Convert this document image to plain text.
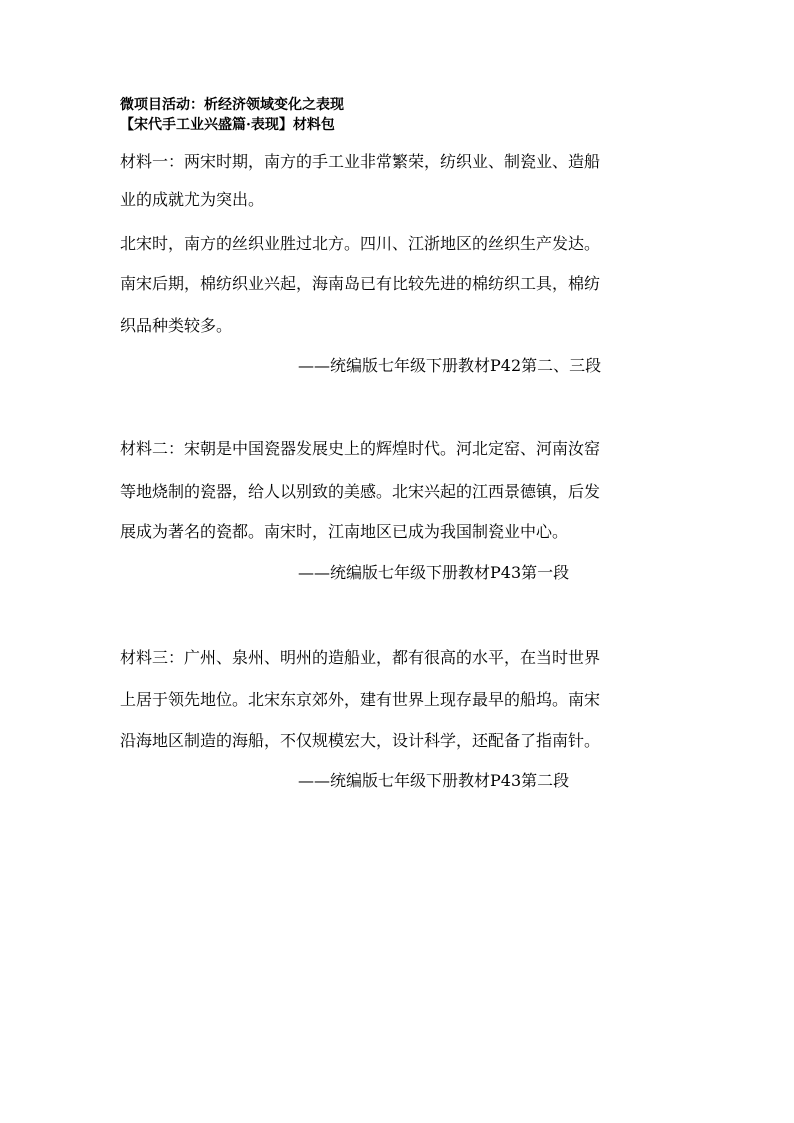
微项目活动：析经济领域变化之表现
【宋代手工业兴盛篇·表现】材料包
材料一：两宋时期，南方的手工业非常繁荣，纺织业、制瓷业、造船
业的成就尤为突出。
北宋时，南方的丝织业胜过北方。四川、江浙地区的丝织生产发达。
南宋后期，棉纺织业兴起，海南岛已有比较先进的棉纺织工具，棉纺
织品种类较多。
——统编版七年级下册教材P42第二、三段
材料二：宋朝是中国瓷器发展史上的辉煌时代。河北定窑、河南汝窑
等地烧制的瓷器，给人以别致的美感。北宋兴起的江西景德镇，后发
展成为著名的瓷都。南宋时，江南地区已成为我国制瓷业中心。
——统编版七年级下册教材P43第一段
材料三：广州、泉州、明州的造船业，都有很高的水平，在当时世界
上居于领先地位。北宋东京郊外，建有世界上现存最早的船坞。南宋
沿海地区制造的海船，不仅规模宏大，设计科学，还配备了指南针。
——统编版七年级下册教材P43第二段
